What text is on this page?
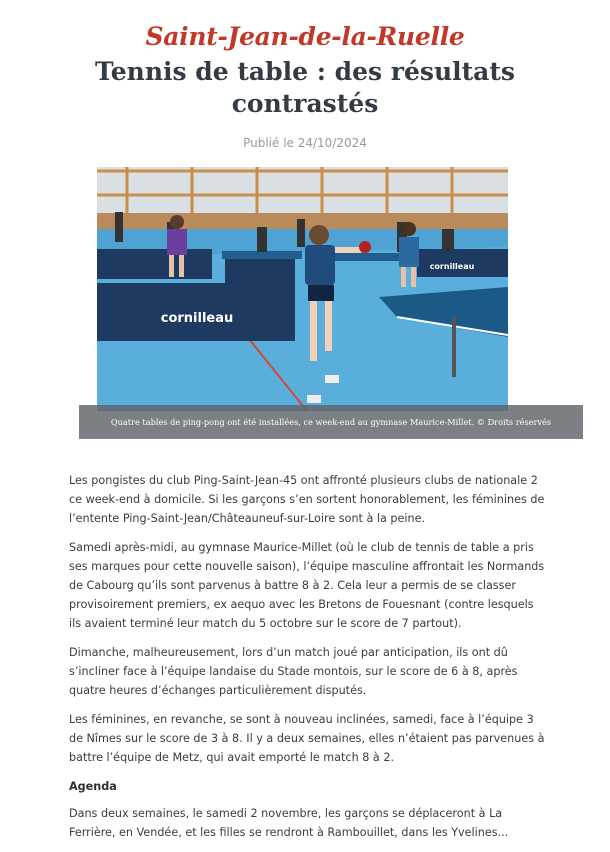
Saint-Jean-de-la-Ruelle
Tennis de table : des résultats contrastés
Publié le 24/10/2024
cornilleau
cornilleau
Quatre tables de ping-pong ont été installées, ce week-end au gymnase Maurice-Millet. © Droits réservés

Les pongistes du club Ping-Saint-Jean-45 ont affronté plusieurs clubs de nationale 2 ce week-end à domicile. Si les garçons s’en sortent honorablement, les féminines de l’entente Ping-Saint-Jean/Châteauneuf-sur-Loire sont à la peine.

Samedi après-midi, au gymnase Maurice-Millet (où le club de tennis de table a pris ses marques pour cette nouvelle saison), l’équipe masculine affrontait les Normands de Cabourg qu’ils sont parvenus à battre 8 à 2. Cela leur a permis de se classer provisoirement premiers, ex aequo avec les Bretons de Fouesnant (contre lesquels ils avaient terminé leur match du 5 octobre sur le score de 7 partout).

Dimanche, malheureusement, lors d’un match joué par anticipation, ils ont dû s’incliner face à l’équipe landaise du Stade montois, sur le score de 6 à 8, après quatre heures d’échanges particulièrement disputés.

Les féminines, en revanche, se sont à nouveau inclinées, samedi, face à l’équipe 3 de Nîmes sur le score de 3 à 8. Il y a deux semaines, elles n’étaient pas parvenues à battre l’équipe de Metz, qui avait emporté le match 8 à 2.

Agenda

Dans deux semaines, le samedi 2 novembre, les garçons se déplaceront à La Ferrière, en Vendée, et les filles se rendront à Rambouillet, dans les Yvelines...
